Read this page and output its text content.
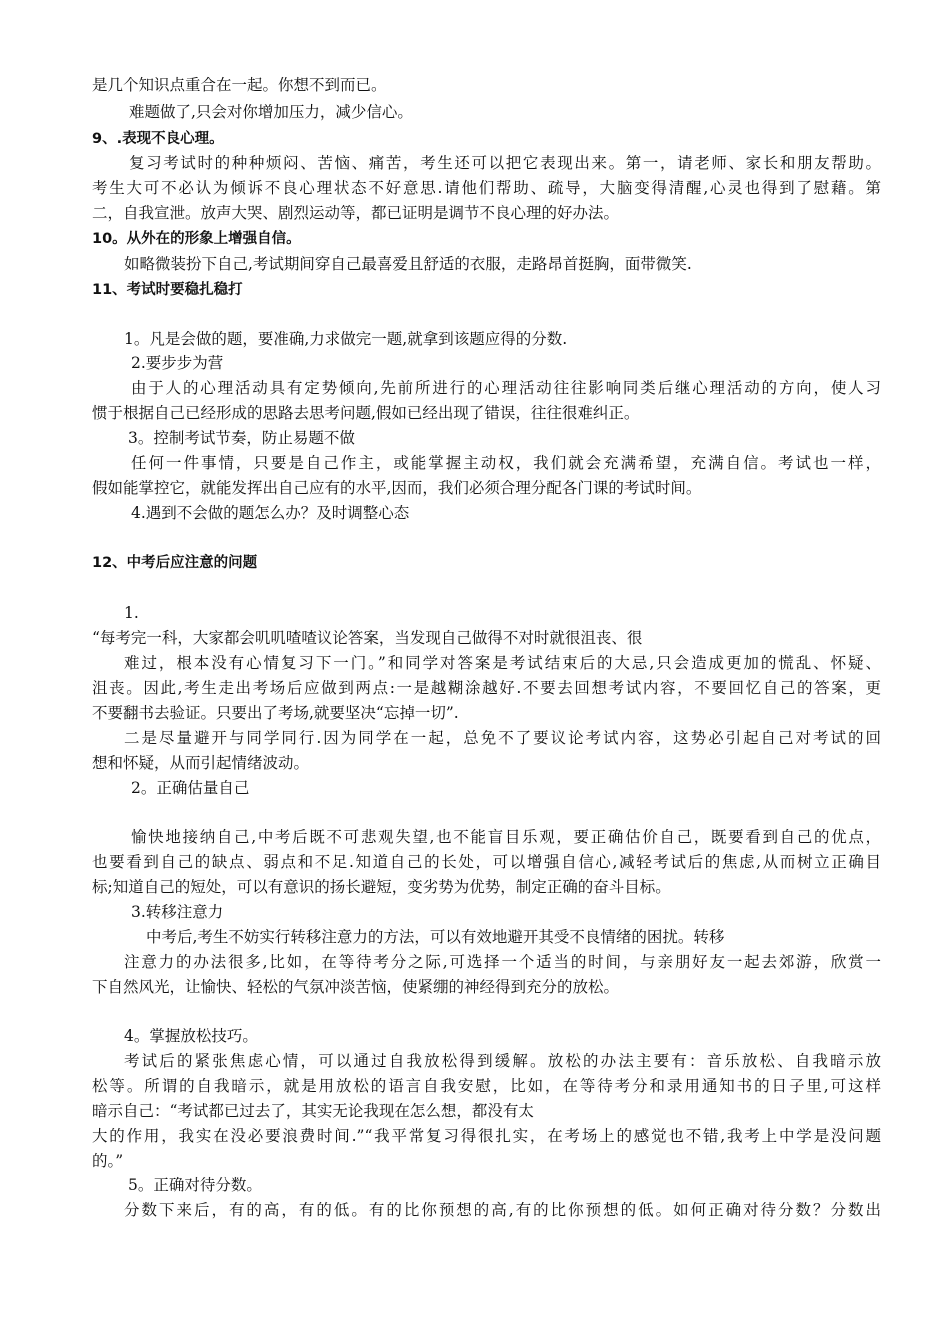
是几个知识点重合在一起。你想不到而已。
难题做了,只会对你增加压力，减少信心。
9、.表现不良心理。
复习考试时的种种烦闷、苦恼、痛苦，考生还可以把它表现出来。第一，请老师、家长和朋友帮助。
考生大可不必认为倾诉不良心理状态不好意思.请他们帮助、疏导，大脑变得清醒,心灵也得到了慰藉。第
二，自我宣泄。放声大哭、剧烈运动等，都已证明是调节不良心理的好办法。
10。从外在的形象上增强自信。
如略微装扮下自己,考试期间穿自己最喜爱且舒适的衣服，走路昂首挺胸，面带微笑.
11、考试时要稳扎稳打
1。凡是会做的题，要准确,力求做完一题,就拿到该题应得的分数.
2.要步步为营
由于人的心理活动具有定势倾向,先前所进行的心理活动往往影响同类后继心理活动的方向，使人习
惯于根据自己已经形成的思路去思考问题,假如已经出现了错误，往往很难纠正。
3。控制考试节奏，防止易题不做
任何一件事情，只要是自己作主，或能掌握主动权，我们就会充满希望，充满自信。考试也一样，
假如能掌控它，就能发挥出自己应有的水平,因而，我们必须合理分配各门课的考试时间。
4.遇到不会做的题怎么办？及时调整心态
12、中考后应注意的问题
1.
“每考完一科，大家都会叽叽喳喳议论答案，当发现自己做得不对时就很沮丧、很
难过，根本没有心情复习下一门。”和同学对答案是考试结束后的大忌,只会造成更加的慌乱、怀疑、
沮丧。因此,考生走出考场后应做到两点:一是越糊涂越好.不要去回想考试内容，不要回忆自己的答案，更
不要翻书去验证。只要出了考场,就要坚决“忘掉一切”.
二是尽量避开与同学同行.因为同学在一起，总免不了要议论考试内容，这势必引起自己对考试的回
想和怀疑，从而引起情绪波动。
2。正确估量自己
愉快地接纳自己,中考后既不可悲观失望,也不能盲目乐观，要正确估价自己，既要看到自己的优点，
也要看到自己的缺点、弱点和不足.知道自己的长处，可以增强自信心,减轻考试后的焦虑,从而树立正确目
标;知道自己的短处，可以有意识的扬长避短，变劣势为优势，制定正确的奋斗目标。
3.转移注意力
中考后,考生不妨实行转移注意力的方法，可以有效地避开其受不良情绪的困扰。转移
注意力的办法很多,比如，在等待考分之际,可选择一个适当的时间，与亲朋好友一起去郊游，欣赏一
下自然风光，让愉快、轻松的气氛冲淡苦恼，使紧绷的神经得到充分的放松。
4。掌握放松技巧。
考试后的紧张焦虑心情，可以通过自我放松得到缓解。放松的办法主要有：音乐放松、自我暗示放
松等。所谓的自我暗示，就是用放松的语言自我安慰，比如，在等待考分和录用通知书的日子里,可这样
暗示自己：“考试都已过去了，其实无论我现在怎么想，都没有太
大的作用，我实在没必要浪费时间.”“我平常复习得很扎实，在考场上的感觉也不错,我考上中学是没问题
的。”
5。正确对待分数。
分数下来后，有的高，有的低。有的比你预想的高,有的比你预想的低。如何正确对待分数？分数出
